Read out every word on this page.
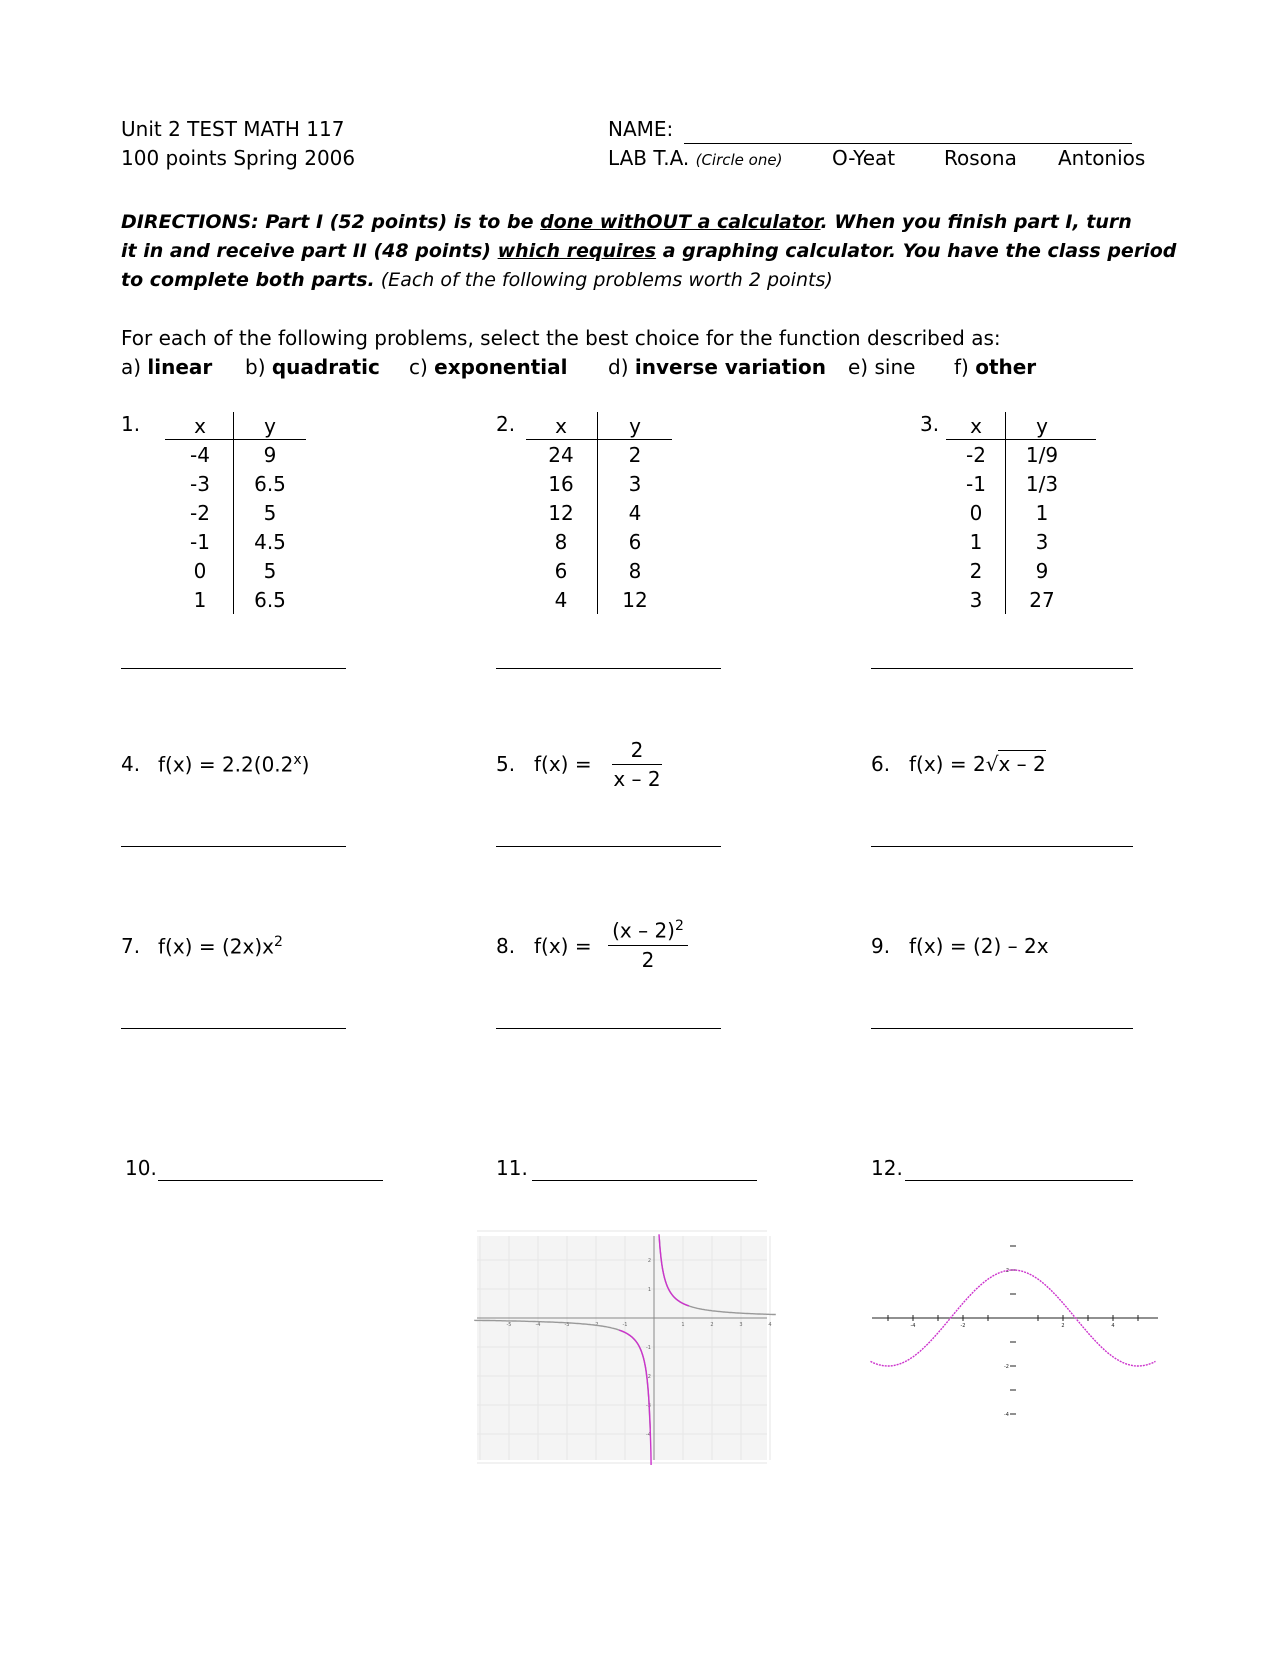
Unit 2 TEST MATH 117
100 points Spring 2006
NAME:
LAB T.A. (Circle one) O-Yeat Rosona Antonios
DIRECTIONS: Part I (52 points) is to be done withOUT a calculator. When you finish part I, turn
it in and receive part II (48 points) which requires a graphing calculator. You have the class period
to complete both parts. (Each of the following problems worth 2 points)
For each of the following problems, select the best choice for the function described as:
a) linear b) quadratic c) exponential d) inverse variation e) sine f) other
1.	x	y
-4	9
-3	6.5
-2	5
-1	4.5
0	5
1	6.5
2.	x	y
24	2
16	3
12	4
8	6
6	8
4	12
3.	x	y
-2	1/9
-1	1/3
0	1
1	3
2	9
3	27
4. $f(x) = 2.2(0.2^x)$	5. f(x) =
2
x – 2
6. f(x) = 2√x – 2
7. $f(x) = (2x)x^2$	8. f(x) =
(x – 2)$^2$
2
9. f(x) = (2) – 2x
10.	11.	12.
-5	-4	-3	-2	-1	1	2	3	4
2
1
-1
-2
-3
-4
2
-2
-4
-4	-2	2	4
